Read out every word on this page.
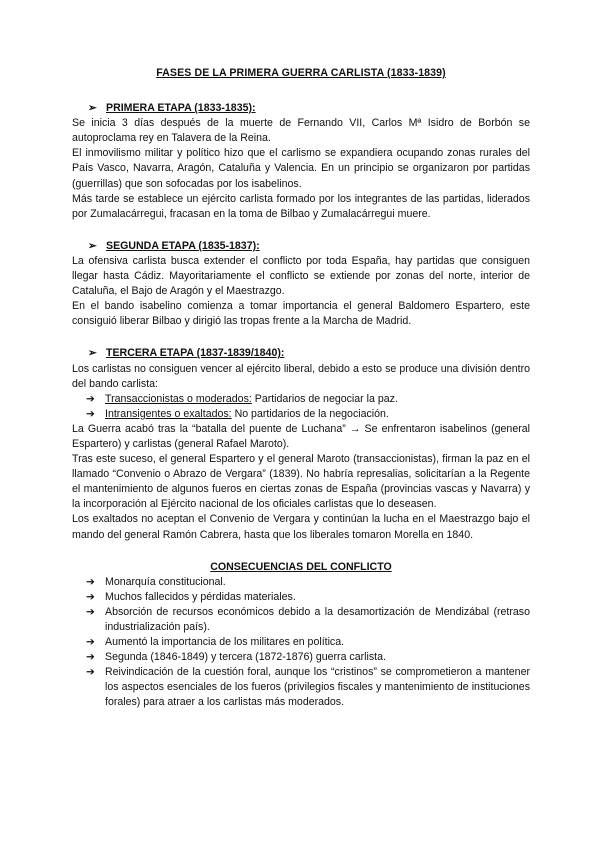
FASES DE LA PRIMERA GUERRA CARLISTA (1833-1839)
➢ PRIMERA ETAPA (1833-1835):

Se inicia 3 días después de la muerte de Fernando VII, Carlos Mª Isidro de Borbón se autoproclama rey en Talavera de la Reina.

El inmovilismo militar y político hizo que el carlismo se expandiera ocupando zonas rurales del País Vasco, Navarra, Aragón, Cataluña y Valencia. En un principio se organizaron por partidas (guerrillas) que son sofocadas por los isabelinos.

Más tarde se establece un ejército carlista formado por los integrantes de las partidas, liderados por Zumalacárregui, fracasan en la toma de Bilbao y Zumalacárregui muere.

➢ SEGUNDA ETAPA (1835-1837):

La ofensiva carlista busca extender el conflicto por toda España, hay partidas que consiguen llegar hasta Cádiz. Mayoritariamente el conflicto se extiende por zonas del norte, interior de Cataluña, el Bajo de Aragón y el Maestrazgo.

En el bando isabelino comienza a tomar importancia el general Baldomero Espartero, este consiguió liberar Bilbao y dirigió las tropas frente a la Marcha de Madrid.

➢ TERCERA ETAPA (1837-1839/1840):

Los carlistas no consiguen vencer al ejército liberal, debido a esto se produce una división dentro del bando carlista:

➔ Transaccionistas o moderados: Partidarios de negociar la paz.
➔ Intransigentes o exaltados: No partidarios de la negociación.

La Guerra acabó tras la “batalla del puente de Luchana” → Se enfrentaron isabelinos (general Espartero) y carlistas (general Rafael Maroto).

Tras este suceso, el general Espartero y el general Maroto (transaccionistas), firman la paz en el llamado “Convenio o Abrazo de Vergara” (1839). No habría represalias, solicitarían a la Regente el mantenimiento de algunos fueros en ciertas zonas de España (provincias vascas y Navarra) y la incorporación al Ejército nacional de los oficiales carlistas que lo deseasen.

Los exaltados no aceptan el Convenio de Vergara y continúan la lucha en el Maestrazgo bajo el mando del general Ramón Cabrera, hasta que los liberales tomaron Morella en 1840.

CONSECUENCIAS DEL CONFLICTO
➔ Monarquía constitucional.
➔ Muchos fallecidos y pérdidas materiales.
➔ Absorción de recursos económicos debido a la desamortización de Mendizábal (retraso industrialización país).
➔ Aumentó la importancia de los militares en política.
➔ Segunda (1846-1849) y tercera (1872-1876) guerra carlista.
➔ Reivindicación de la cuestión foral, aunque los “cristinos” se comprometieron a mantener los aspectos esenciales de los fueros (privilegios fiscales y mantenimiento de instituciones forales) para atraer a los carlistas más moderados.
